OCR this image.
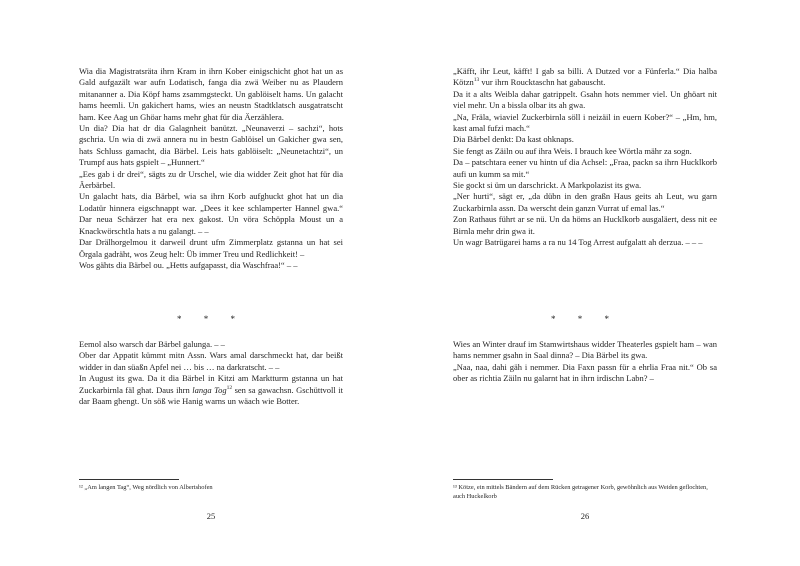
Wia dia Magistratsräta ihrn Kram in ihrn Kober einigschicht ghot hat un as Gald aufgazält war aufn Lodatisch, fanga dia zwä Weiber nu as Plaudern mitananner a. Dia Köpf hams zsammgsteckt. Un gablöiselt hams. Un galacht hams heemli. Un gakichert hams, wies an neustn Stadtklatsch ausgatratscht ham. Kee Aag un Ghöar hams mehr ghat für dia Äerzählera.

Un dia? Dia hat dr dia Galagnheit banützt. „Neunaverzi – sachzi“, hots gschria. Un wia di zwä annera nu in bestn Gablöisel un Gakicher gwa sen, hats Schluss gamacht, dia Bärbel. Leis hats gablöiselt: „Neunetachtzi“, un Trumpf aus hats gspielt – „Hunnert.“

„Ees gab i dr drei“, sägts zu dr Urschel, wie dia widder Zeit ghot hat für dia Äerbärbel.

Un galacht hats, dia Bärbel, wia sa ihrn Korb aufghuckt ghot hat un dia Lodatür hinnera eigschnappt war. „Dees it kee schlamperter Hannel gwa.“ Dar neua Schärzer hat era nex gakost. Un vöra Schöppla Moust un a Knackwörschtla hats a nu galangt. – –

Dar Drälhorgelmou it darweil drunt ufm Zimmerplatz gstanna un hat sei Örgala gadräht, wos Zeug helt: Üb immer Treu und Redlichkeit! –

Wos gähts dia Bärbel ou. „Hetts aufgapasst, dia Waschfraa!“ – –

* * *

Eemol also warsch dar Bärbel galunga. – –

Ober dar Appatit kümmt mitn Assn. Wars amal darschmeckt hat, dar beißt widder in dan süaßn Apfel nei … bis … na darkratscht. – –

In August its gwa. Da it dia Bärbel in Kitzi am Marktturm gstanna un hat Zuckarbirnla fäl ghat. Daus ihrn langa Tog$^{12}$ sen sa gawachsn. Gschüttvoll it dar Baam ghengt. Un söß wie Hanig warns un wäach wie Botter.

¹² „Am langen Tag“, Weg nördlich von Albertshofen
25

„Käfft, ihr Leut, käfft! I gab sa billi. A Dutzed vor a Fünferla.“ Dia halba Kötzn$^{13}$ vur ihrn Roucktaschn hat gabauscht.

Da it a alts Weibla dahar gatrippelt. Gsahn hots nemmer viel. Un ghöart nit viel mehr. Un a bissla olbar its ah gwa.

„Na, Fräla, wiaviel Zuckerbirnla söll i neizäil in euern Kober?“ – „Hm, hm, kast amal fufzi mach.“

Dia Bärbel denkt: Da kast ohknaps.

Sie fengt as Zäiln ou auf ihra Weis. I brauch kee Wörtla mähr za sogn.

Da – patschtara eener vu hintn uf dia Achsel: „Fraa, packn sa ihrn Hucklkorb aufi un kumm sa mit.“

Sie gockt si üm un darschrickt. A Markpolazist its gwa.

„Ner hurti“, sägt er, „da dübn in den graßn Haus geits ah Leut, wu garn Zuckarbirnla assn. Da werscht dein ganzn Vurrat uf emal las.“

Zon Rathaus führt ar se nü. Un da höms an Hucklkorb ausgaläert, dess nit ee Birnla mehr drin gwa it.

Un wagr Batrügarei hams a ra nu 14 Tog Arrest aufgalatt ah derzua. – – –

* * *

Wies an Winter drauf im Stamwirtshaus widder Theaterles gspielt ham – wan hams nemmer gsahn in Saal dinna? – Dia Bärbel its gwa.

„Naa, naa, dahi gäh i nemmer. Dia Faxn passn für a ehrlia Fraa nit.“ Ob sa ober as richtia Zäiln nu galarnt hat in ihrn irdischn Labn? –

¹³ Kötze, ein mittels Bändern auf dem Rücken getragener Korb, gewöhnlich aus Weiden geflochten, auch Huckelkorb
26
